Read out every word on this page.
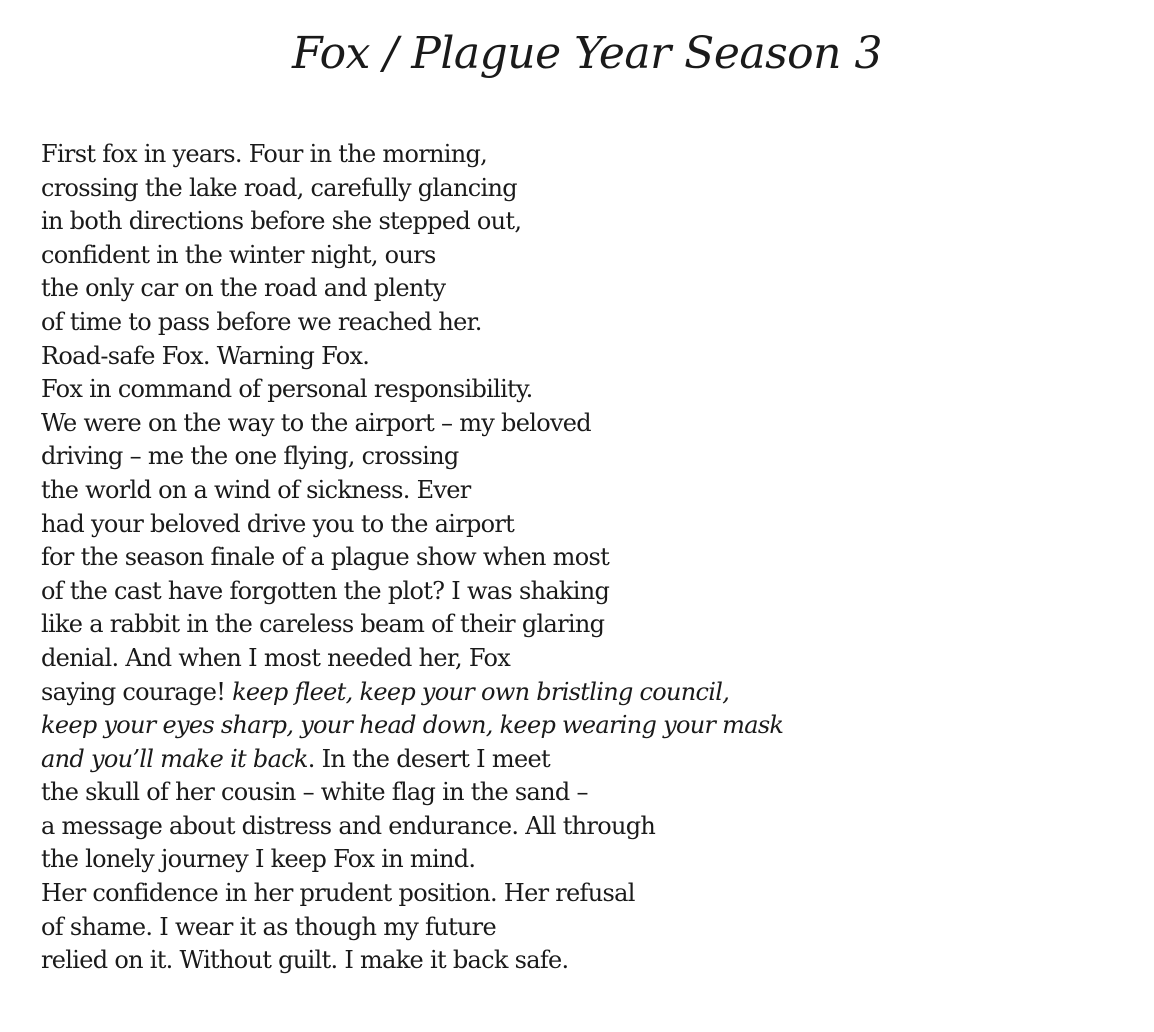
Fox / Plague Year Season 3
First fox in years. Four in the morning,
crossing the lake road, carefully glancing
in both directions before she stepped out,
confident in the winter night, ours
the only car on the road and plenty
of time to pass before we reached her.
Road-safe Fox. Warning Fox.
Fox in command of personal responsibility.
We were on the way to the airport – my beloved
driving – me the one flying, crossing
the world on a wind of sickness. Ever
had your beloved drive you to the airport
for the season finale of a plague show when most
of the cast have forgotten the plot? I was shaking
like a rabbit in the careless beam of their glaring
denial. And when I most needed her, Fox
saying courage! keep fleet, keep your own bristling council,
keep your eyes sharp, your head down, keep wearing your mask
and you’ll make it back. In the desert I meet
the skull of her cousin – white flag in the sand –
a message about distress and endurance. All through
the lonely journey I keep Fox in mind.
Her confidence in her prudent position. Her refusal
of shame. I wear it as though my future
relied on it. Without guilt. I make it back safe.
